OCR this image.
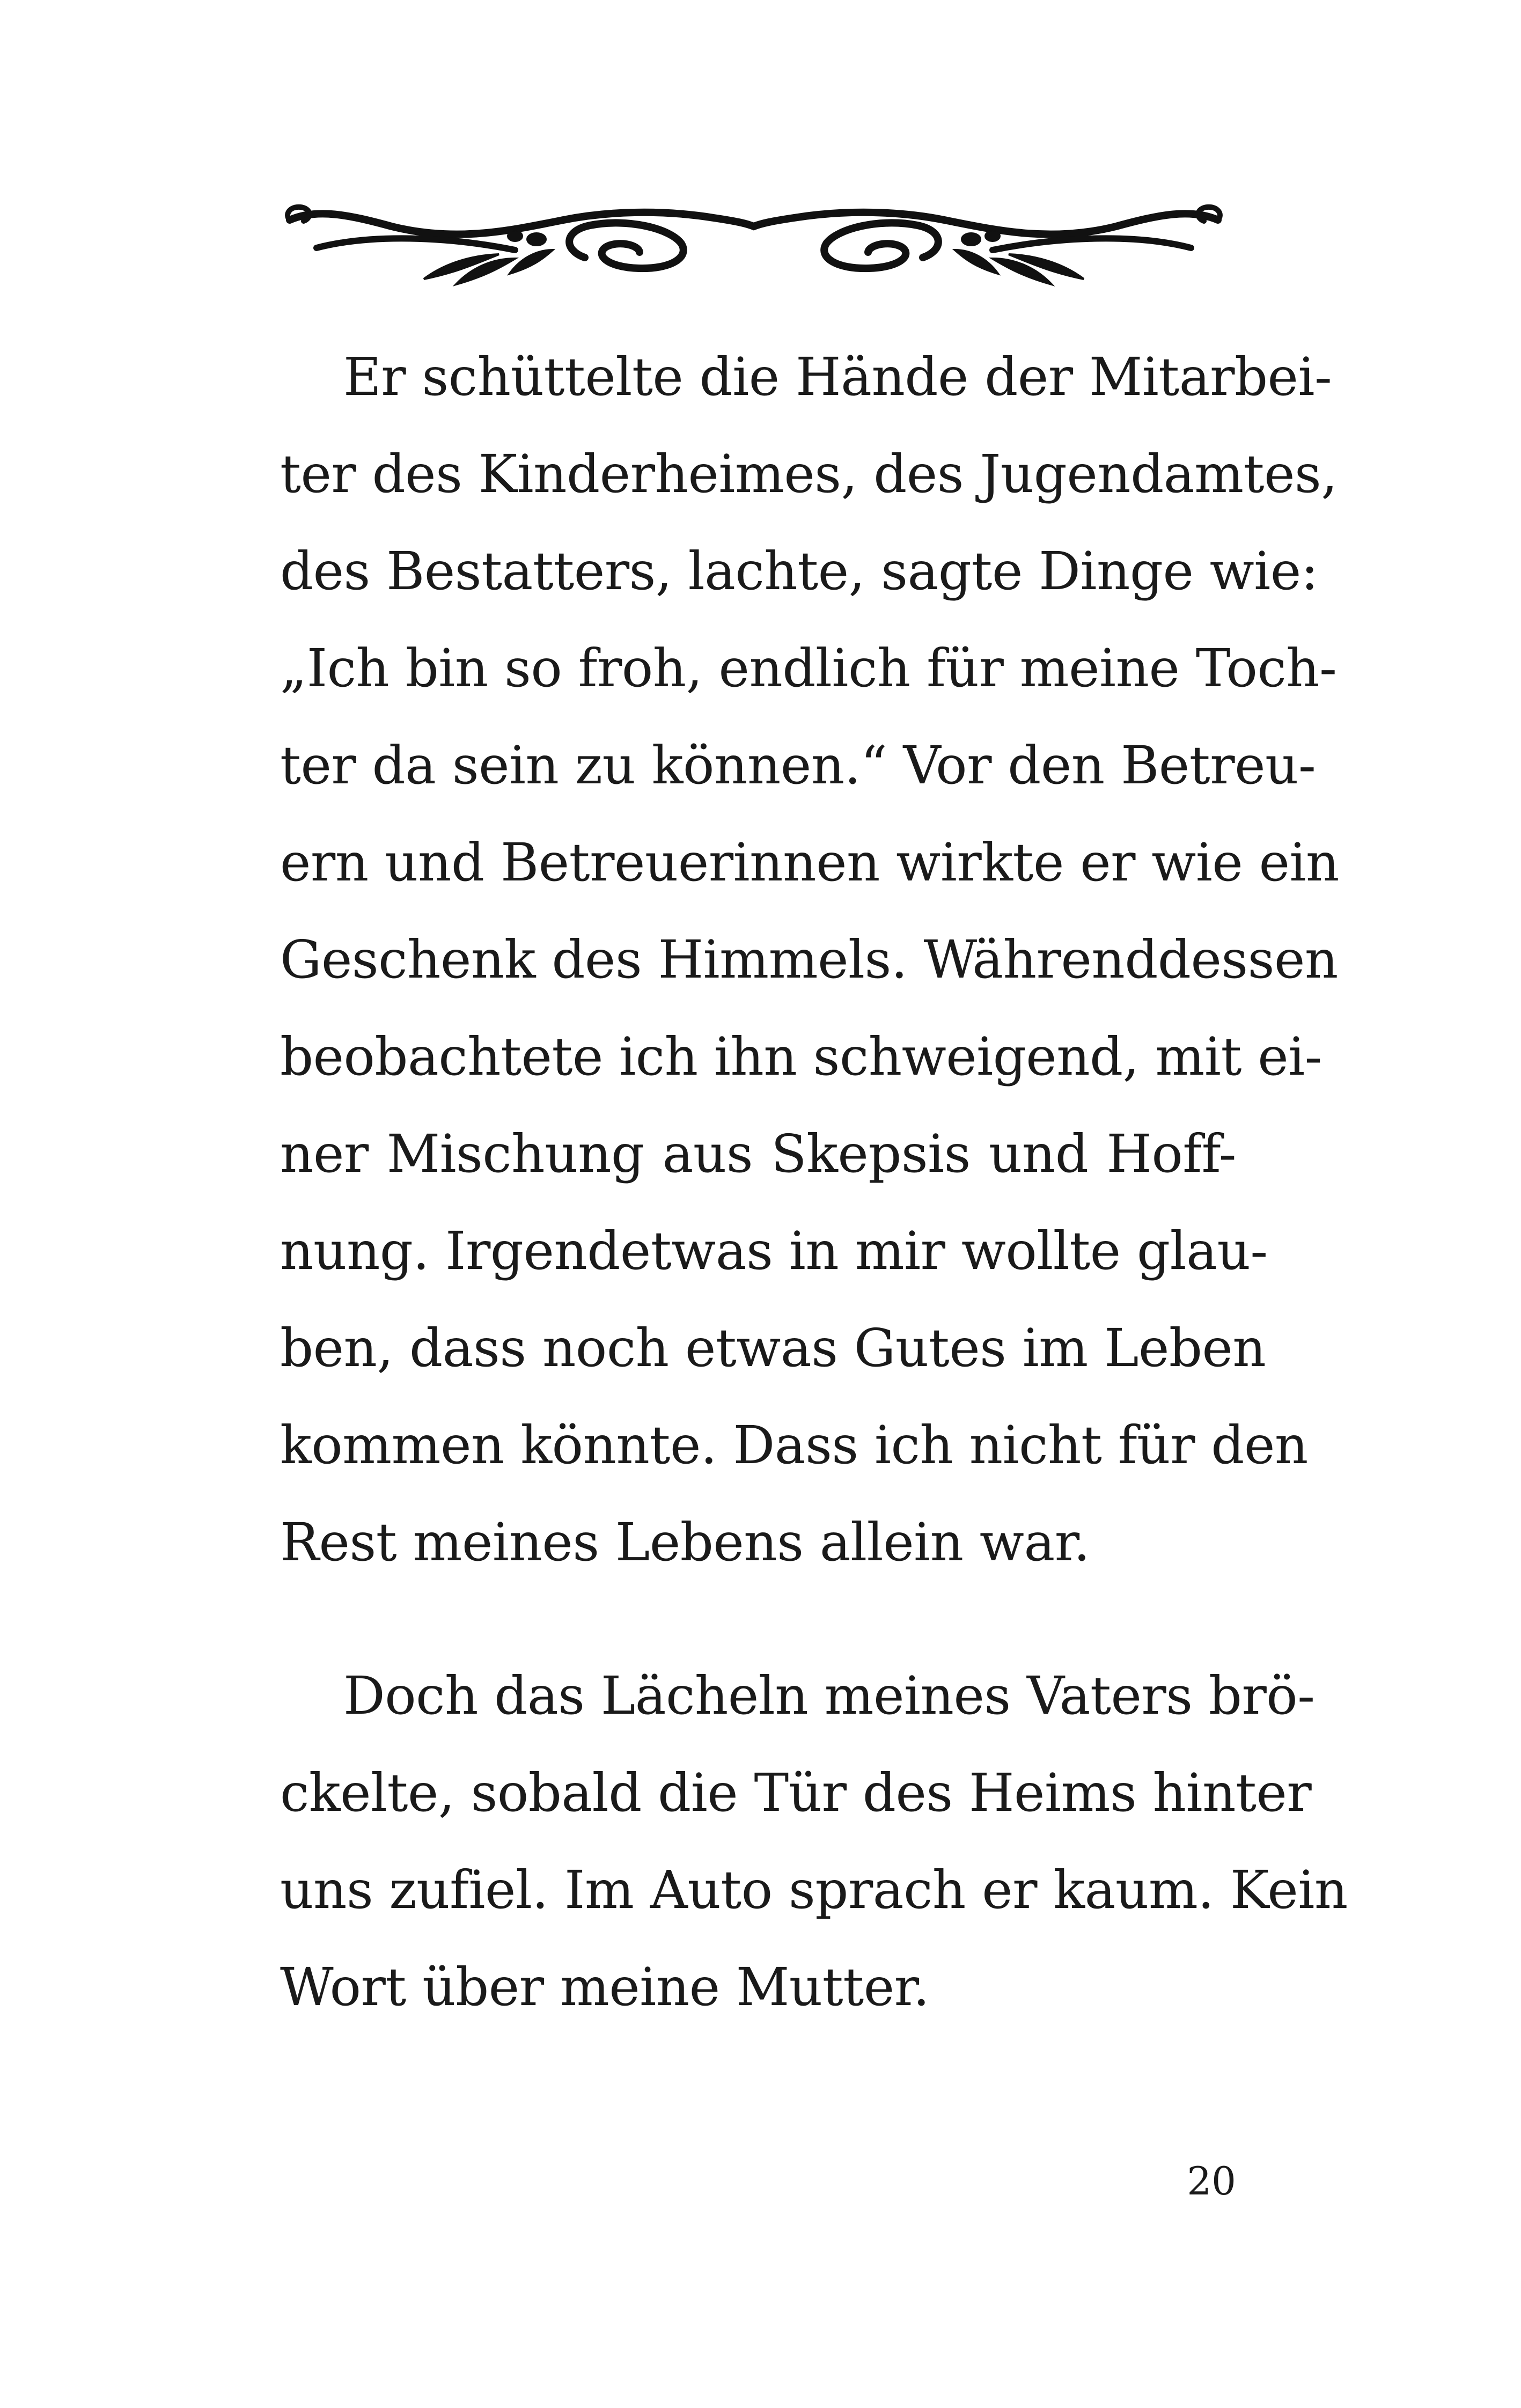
Er schüttelte die Hände der Mitarbei-
ter des Kinderheimes, des Jugendamtes,
des Bestatters, lachte, sagte Dinge wie:
„Ich bin so froh, endlich für meine Toch-
ter da sein zu können.“ Vor den Betreu-
ern und Betreuerinnen wirkte er wie ein
Geschenk des Himmels. Währenddessen
beobachtete ich ihn schweigend, mit ei-
ner Mischung aus Skepsis und Hoff-
nung. Irgendetwas in mir wollte glau-
ben, dass noch etwas Gutes im Leben
kommen könnte. Dass ich nicht für den
Rest meines Lebens allein war.
Doch das Lächeln meines Vaters brö-
ckelte, sobald die Tür des Heims hinter
uns zufiel. Im Auto sprach er kaum. Kein
Wort über meine Mutter.
20
